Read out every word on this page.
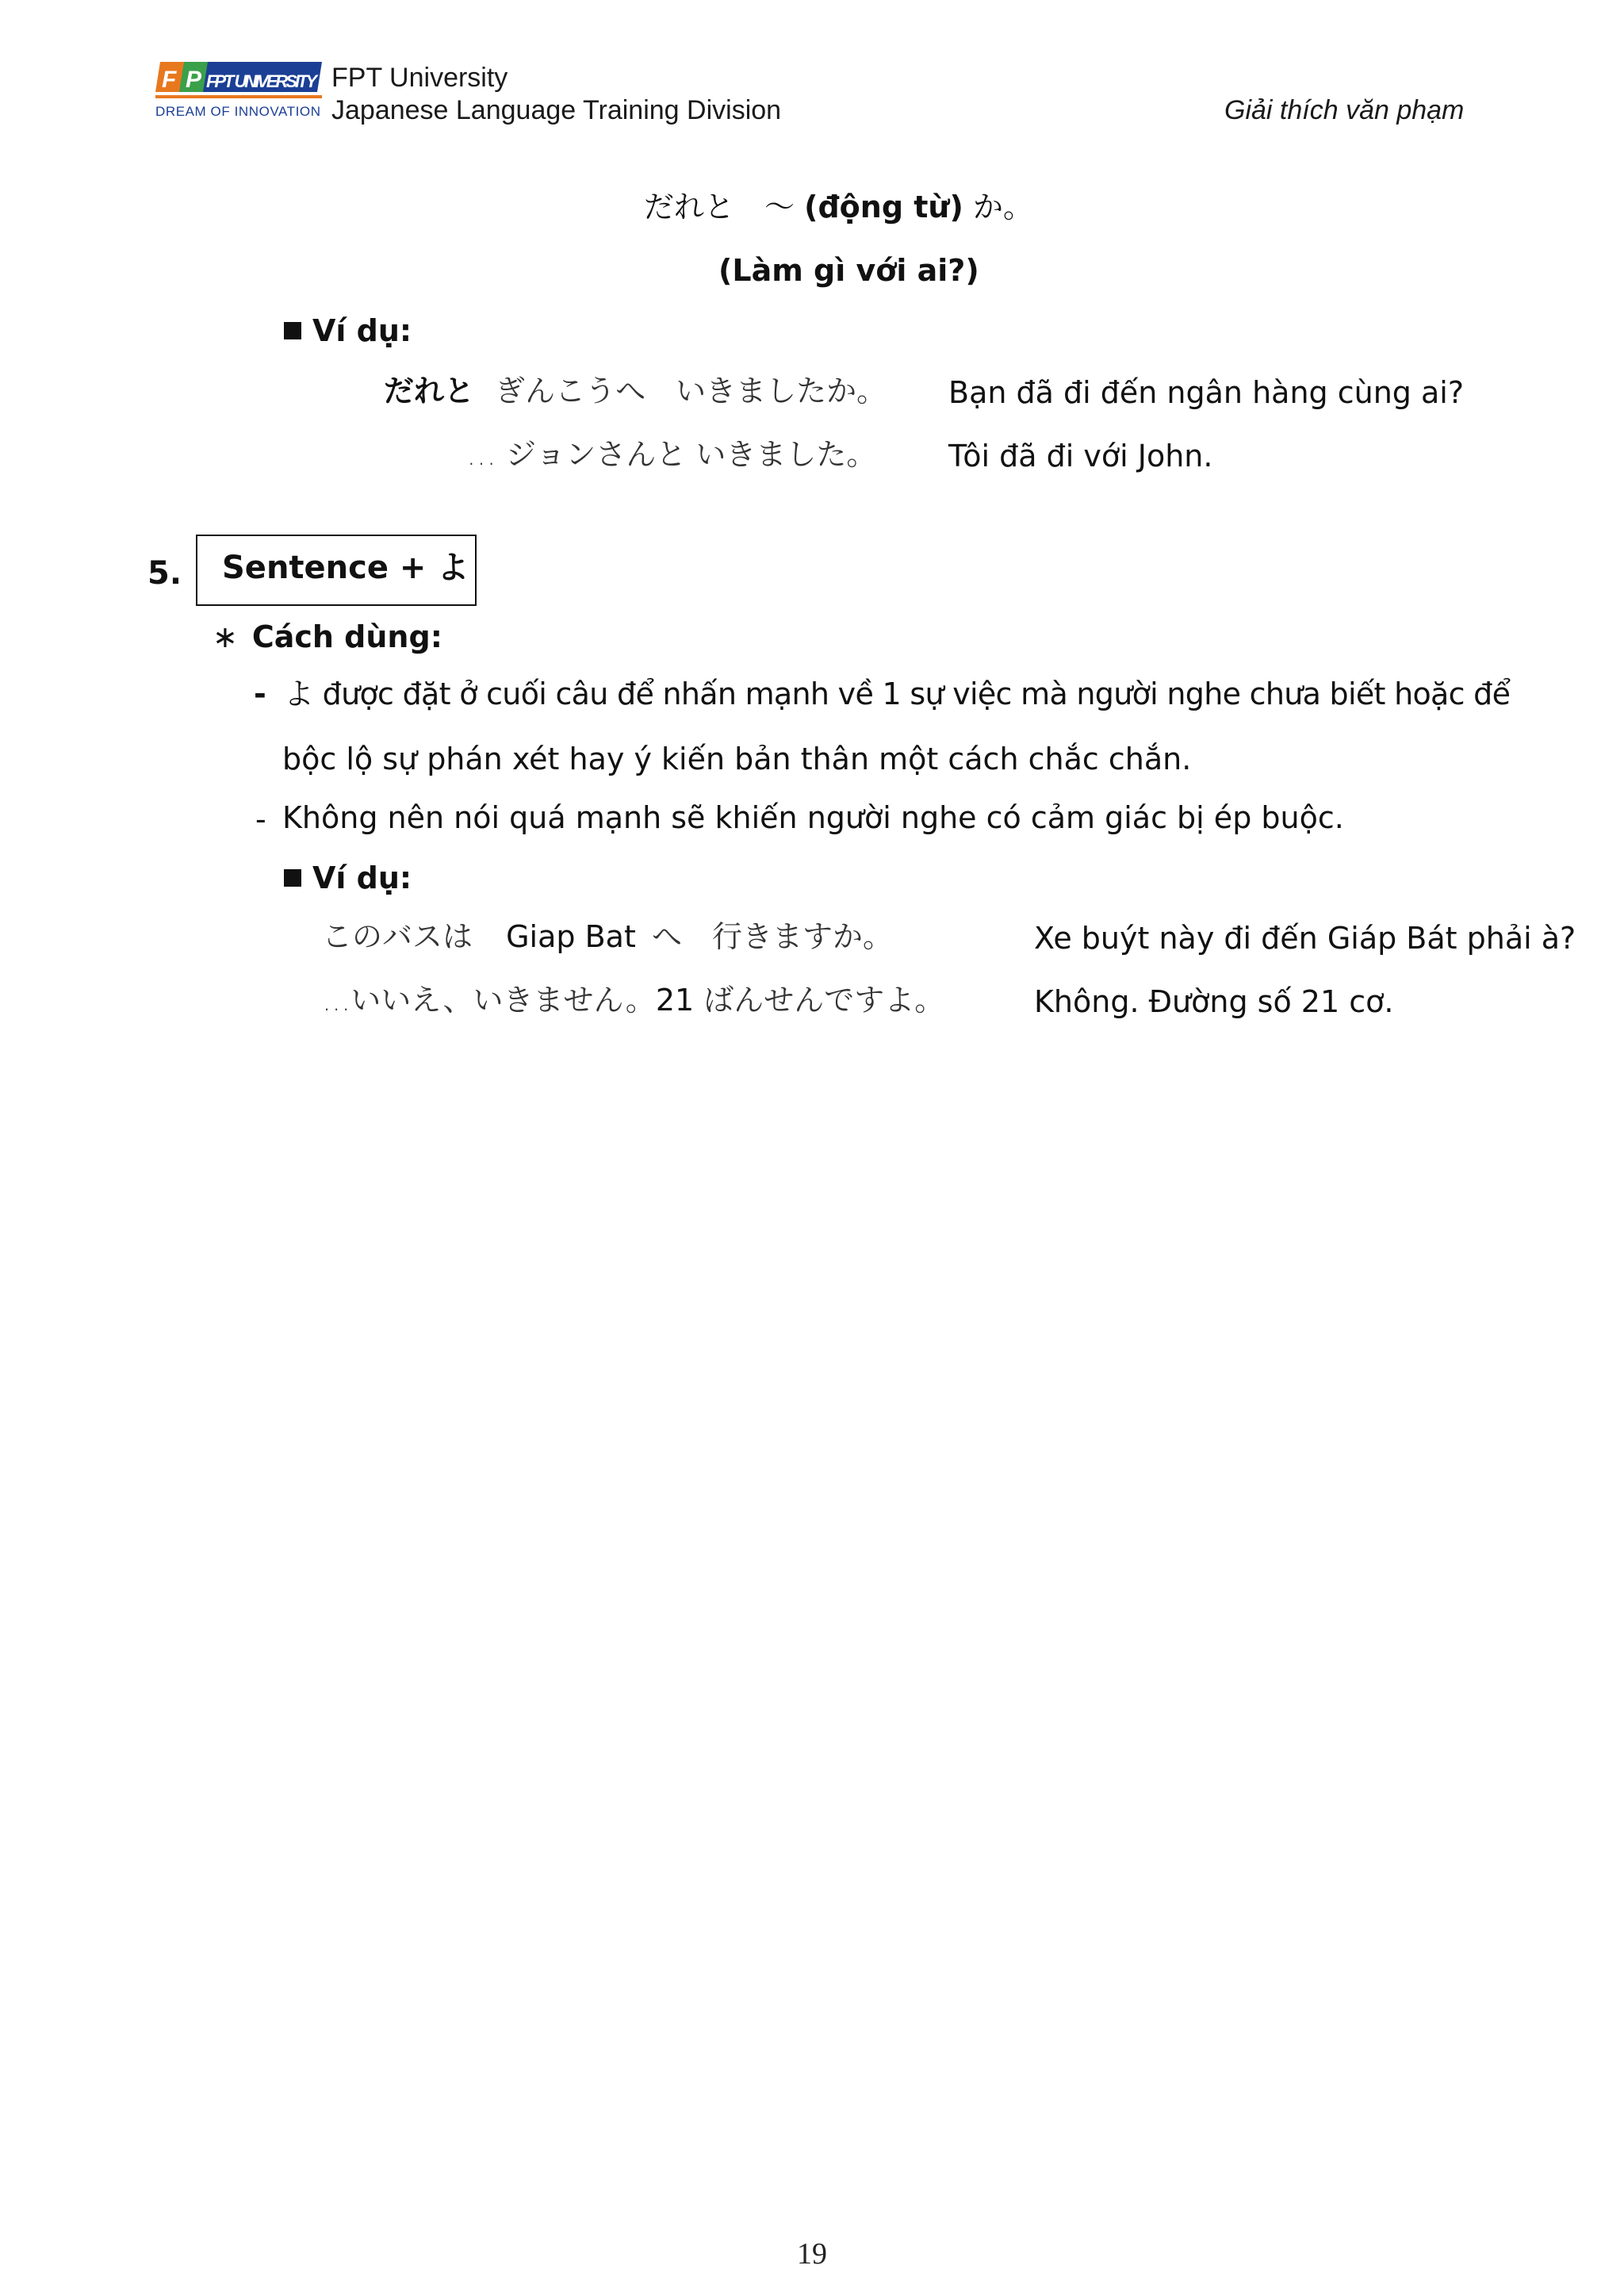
F P FPT UNIVERSITY
DREAM OF INNOVATION
FPT University
Japanese Language Training Division	Giải thích văn phạm
だれと　～ (động từ) か。
(Làm gì với ai?)
Ví dụ:
だれと ぎんこうへ　いきましたか。 Bạn đã đi đến ngân hàng cùng ai?
… ジョンさんと いきました。 Tôi đã đi với John.
5. Sentence + よ
∗ Cách dùng:
- よ được đặt ở cuối câu để nhấn mạnh về 1 sự việc mà người nghe chưa biết hoặc để
bộc lộ sự phán xét hay ý kiến bản thân một cách chắc chắn.
- Không nên nói quá mạnh sẽ khiến người nghe có cảm giác bị ép buộc.
Ví dụ:
このバスは Giap Bat へ　行きますか。	Xe buýt này đi đến Giáp Bát phải à?
...いいえ、いきません。21 ばんせんですよ。	Không. Đường số 21 cơ.
19
